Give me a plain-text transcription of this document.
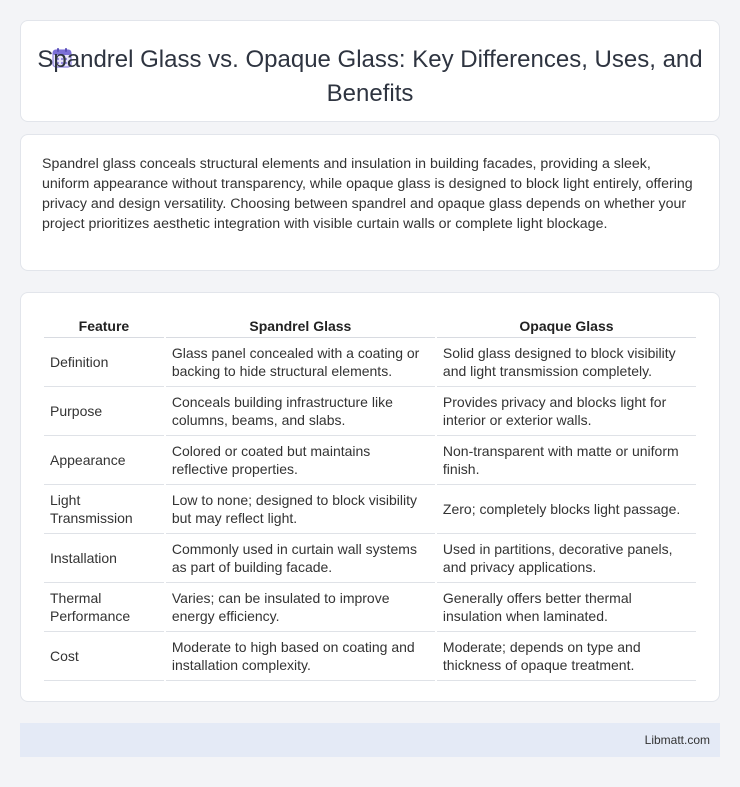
Spandrel Glass vs. Opaque Glass: Key Differences, Uses, and Benefits

Spandrel glass conceals structural elements and insulation in building facades, providing a sleek, uniform appearance without transparency, while opaque glass is designed to block light entirely, offering privacy and design versatility. Choosing between spandrel and opaque glass depends on whether your project prioritizes aesthetic integration with visible curtain walls or complete light blockage.

Feature	Spandrel Glass	Opaque Glass
Definition	Glass panel concealed with a coating or backing to hide structural elements.	Solid glass designed to block visibility and light transmission completely.
Purpose	Conceals building infrastructure like columns, beams, and slabs.	Provides privacy and blocks light for interior or exterior walls.
Appearance	Colored or coated but maintains reflective properties.	Non-transparent with matte or uniform finish.
Light Transmission	Low to none; designed to block visibility but may reflect light.	Zero; completely blocks light passage.
Installation	Commonly used in curtain wall systems as part of building facade.	Used in partitions, decorative panels, and privacy applications.
Thermal Performance	Varies; can be insulated to improve energy efficiency.	Generally offers better thermal insulation when laminated.
Cost	Moderate to high based on coating and installation complexity.	Moderate; depends on type and thickness of opaque treatment.
Libmatt.com
